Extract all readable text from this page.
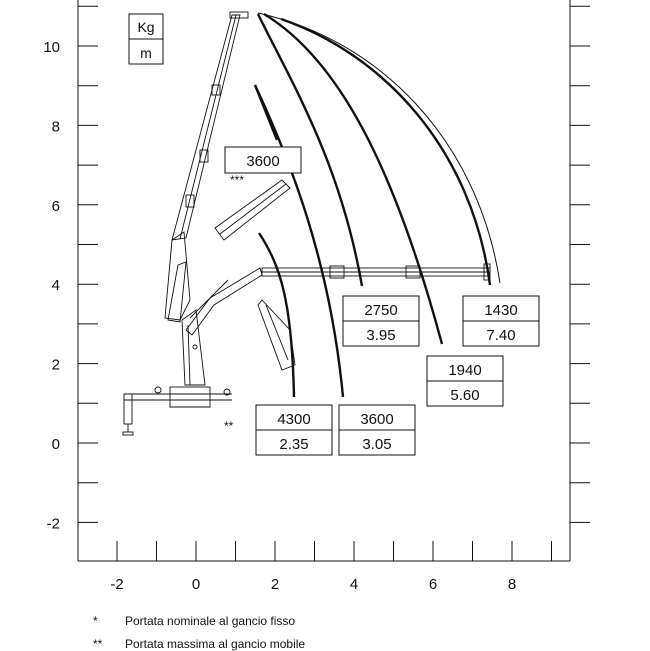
-2	0	2	4	6	8
-2
0
2
4
6
8
10
Kg
m
3600
***
2750
3.95
1430
7.40
1940
5.60
4300
2.35
**	3600
3.05
* Portata nominale al gancio fisso
** Portata massima al gancio mobile
